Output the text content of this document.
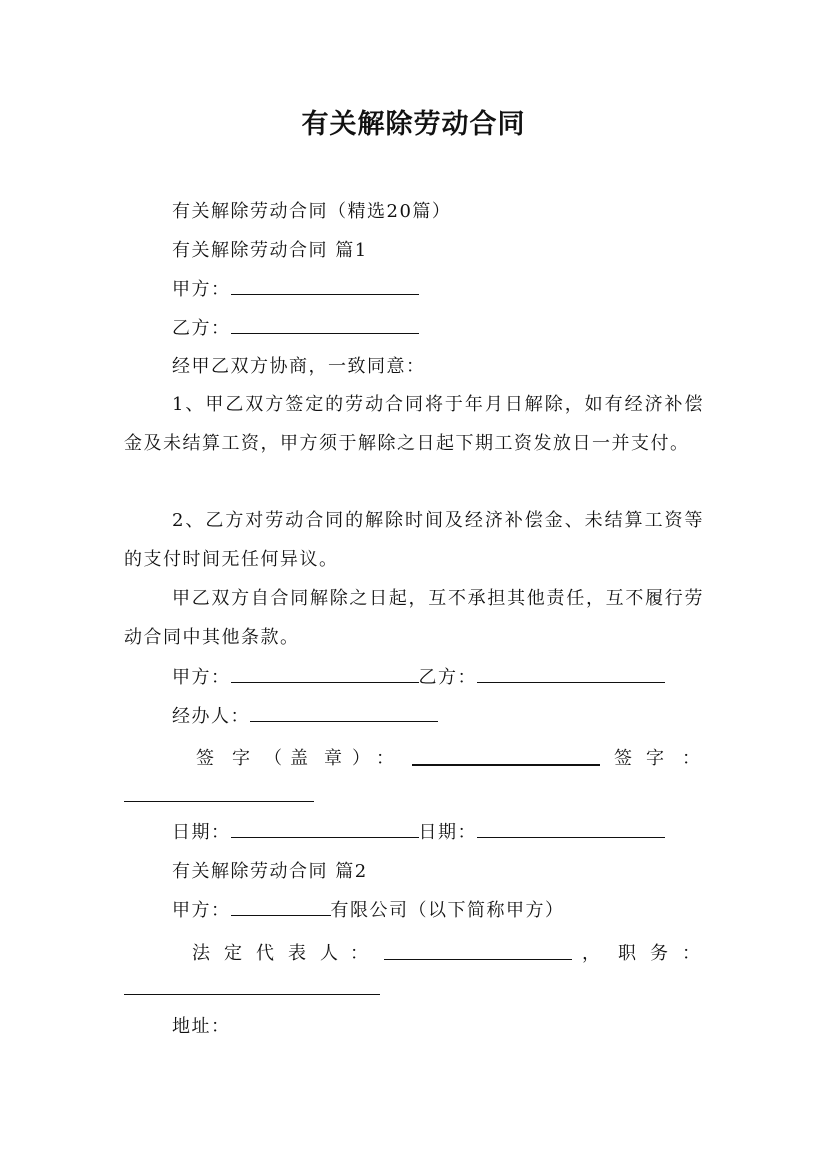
有关解除劳动合同
有关解除劳动合同（精选20篇）
有关解除劳动合同 篇1
甲方：
乙方：
经甲乙双方协商，一致同意：
1、甲乙双方签定的劳动合同将于年月日解除，如有经济补偿金及未结算工资，甲方须于解除之日起下期工资发放日一并支付。
2、乙方对劳动合同的解除时间及经济补偿金、未结算工资等的支付时间无任何异议。
甲乙双方自合同解除之日起，互不承担其他责任，互不履行劳动合同中其他条款。
甲方：	乙方：
经办人：
签 字 （ 盖 章 ） ：	签 字 ：
日期：	日期：
有关解除劳动合同 篇2
甲方：	有限公司（以下简称甲方）
法 定 代 表 人 ：	， 职 务 ：
地址：
